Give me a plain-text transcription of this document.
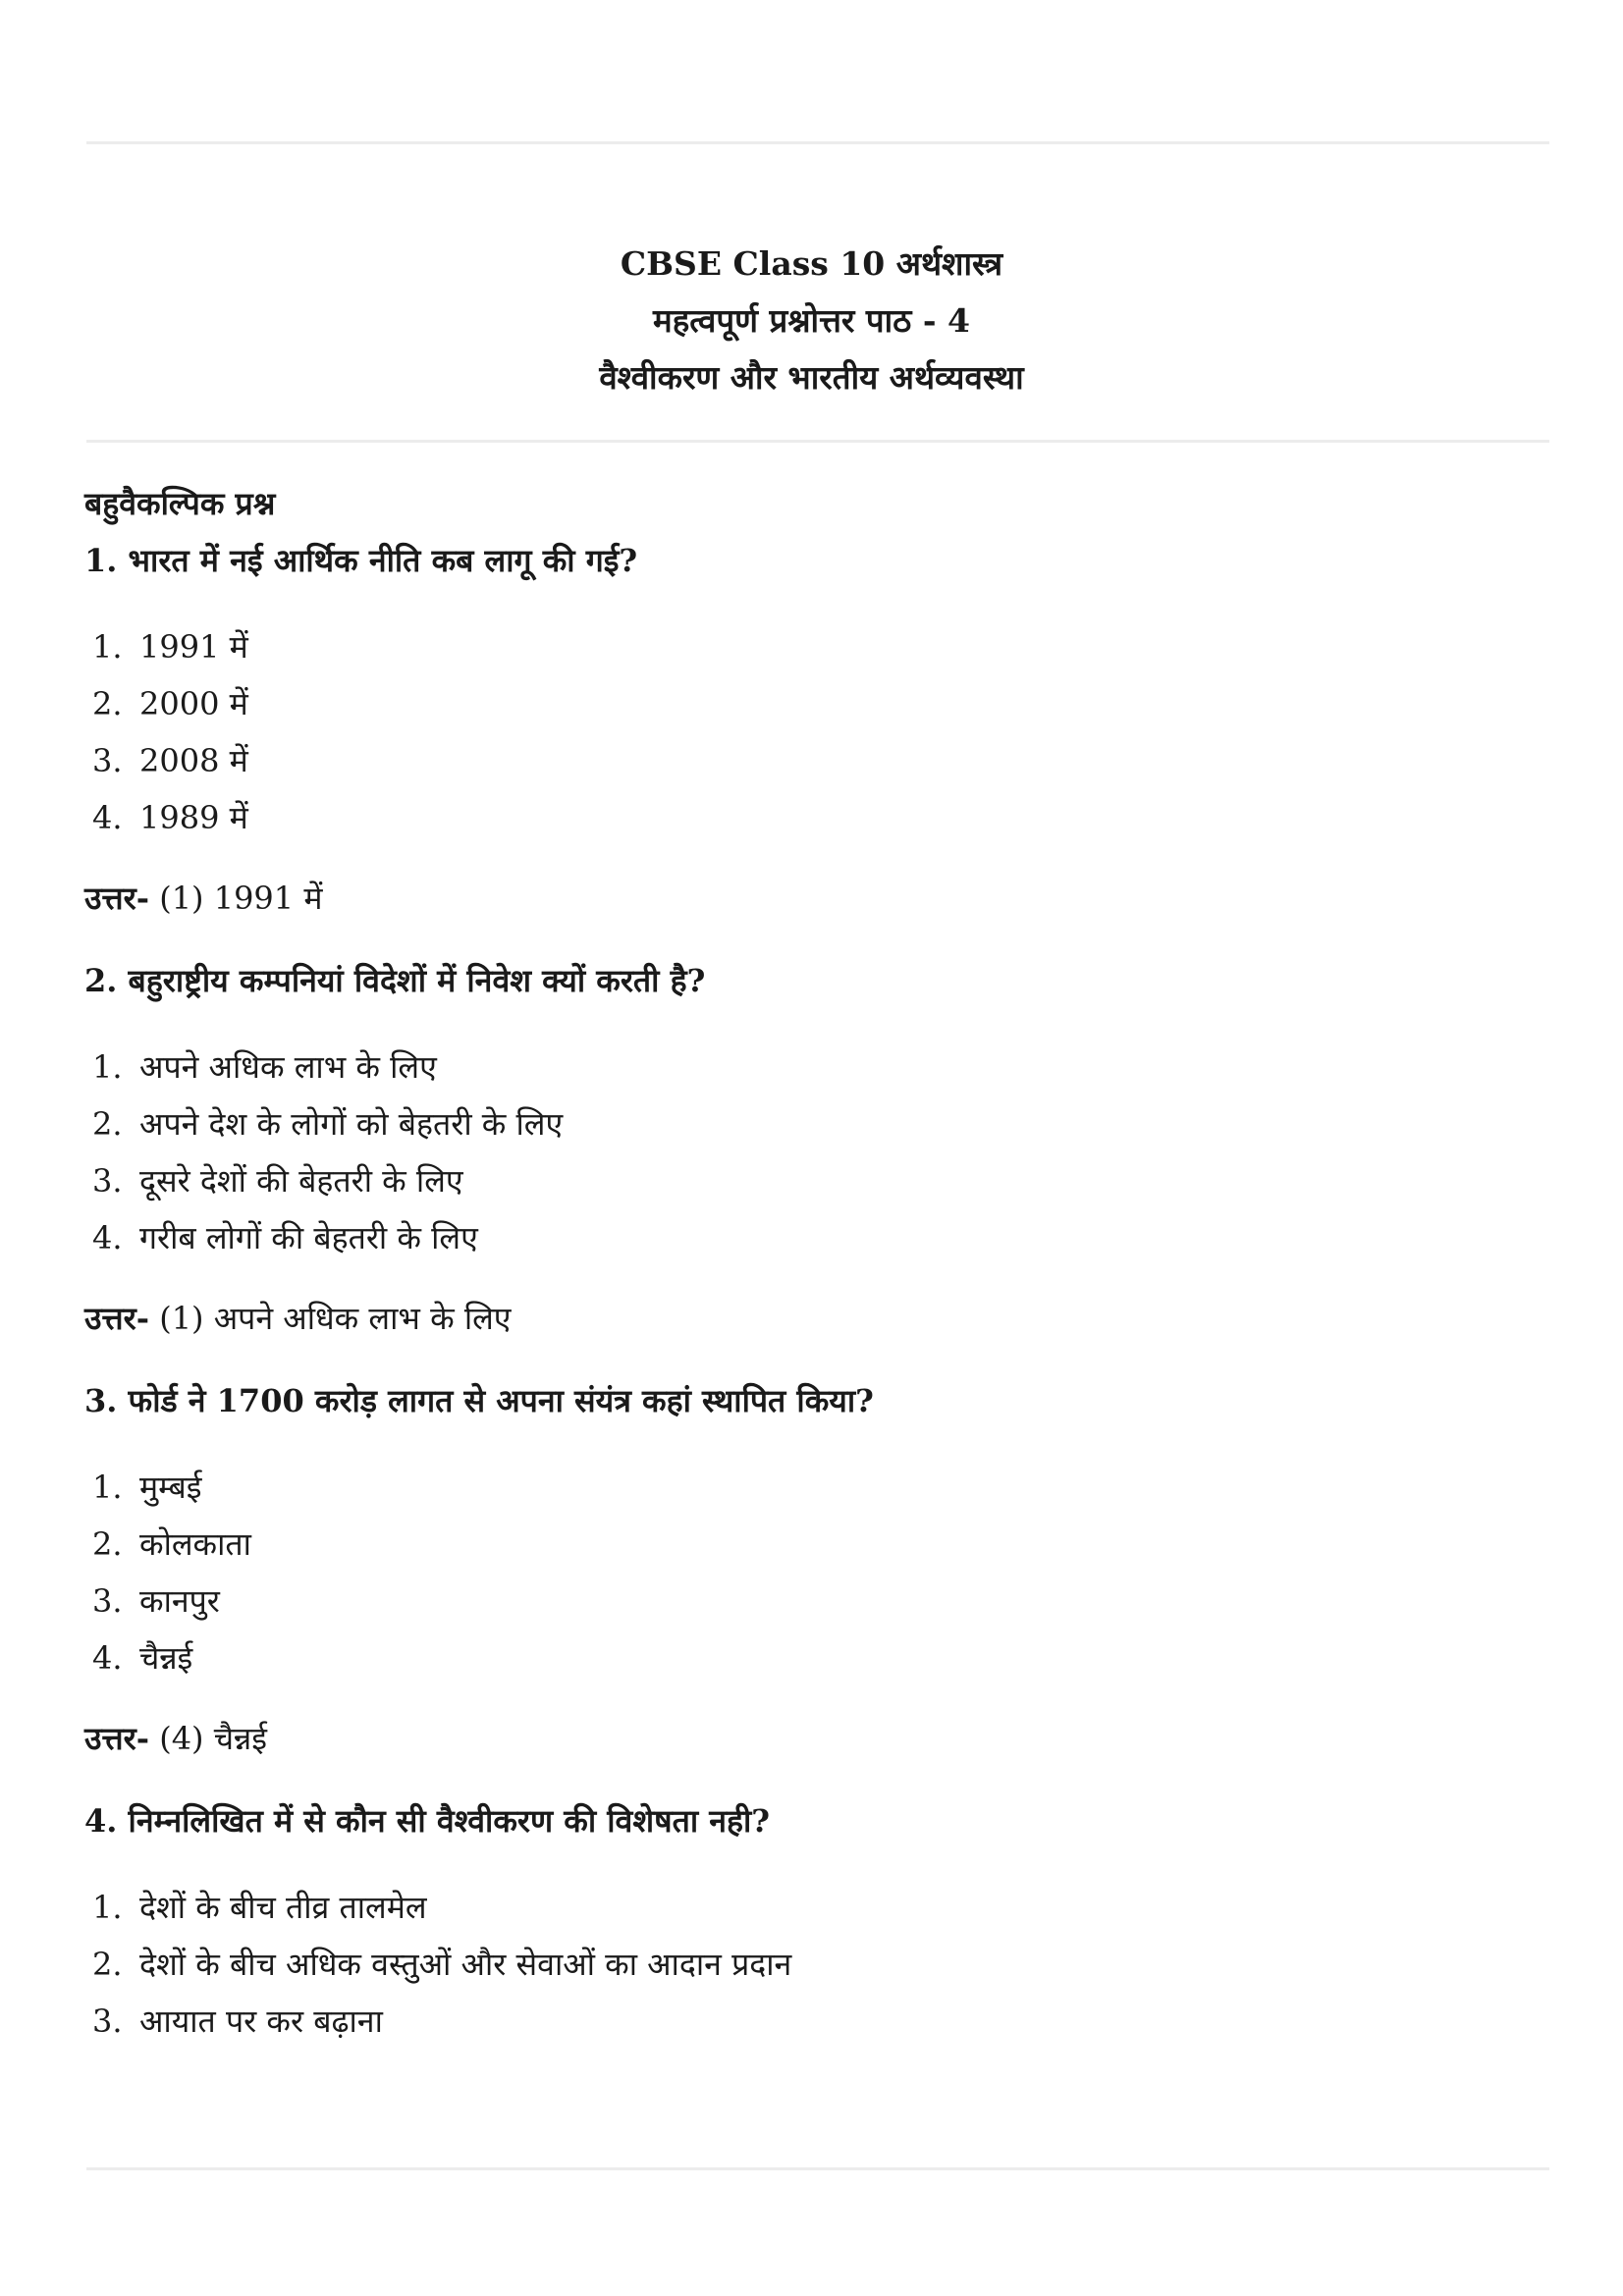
CBSE Class 10 अर्थशास्त्र
महत्वपूर्ण प्रश्नोत्तर पाठ - 4
वैश्वीकरण और भारतीय अर्थव्यवस्था
बहुवैकल्पिक प्रश्न
1. भारत में नई आर्थिक नीति कब लागू की गई?
1. 1991 में
2. 2000 में
3. 2008 में
4. 1989 में
उत्तर- (1) 1991 में
2. बहुराष्ट्रीय कम्पनियां विदेशों में निवेश क्यों करती है?
1. अपने अधिक लाभ के लिए
2. अपने देश के लोगों को बेहतरी के लिए
3. दूसरे देशों की बेहतरी के लिए
4. गरीब लोगों की बेहतरी के लिए
उत्तर- (1) अपने अधिक लाभ के लिए
3. फोर्ड ने 1700 करोड़ लागत से अपना संयंत्र कहां स्थापित किया?
1. मुम्बई
2. कोलकाता
3. कानपुर
4. चैन्नई
उत्तर- (4) चैन्नई
4. निम्नलिखित में से कौन सी वैश्वीकरण की विशेषता नही?
1. देशों के बीच तीव्र तालमेल
2. देशों के बीच अधिक वस्तुओं और सेवाओं का आदान प्रदान
3. आयात पर कर बढ़ाना
